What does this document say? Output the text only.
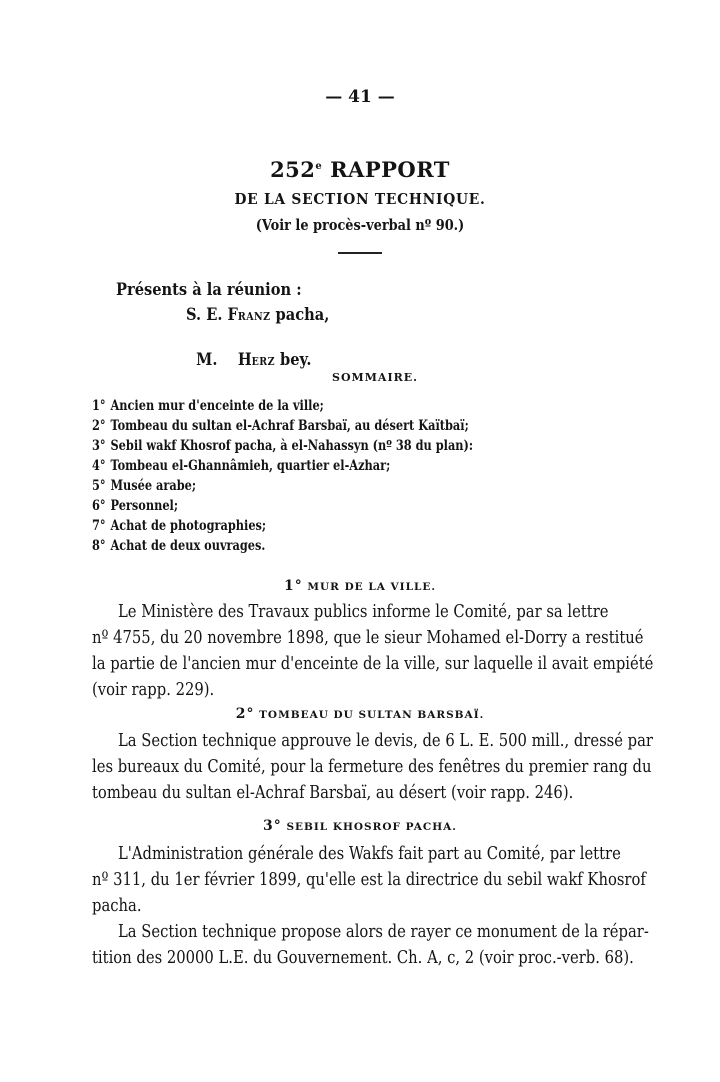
— 41 —
252e RAPPORT
DE LA SECTION TECHNIQUE.
(Voir le procès-verbal nº 90.)
Présents à la réunion :
S. E. FRANZ pacha,

M.    HERZ bey.

SOMMAIRE.
1° Ancien mur d'enceinte de la ville;
2° Tombeau du sultan el-Achraf Barsbaï, au désert Kaïtbaï;
3° Sebil wakf Khosrof pacha, à el-Nahassyn (nº 38 du plan):
4° Tombeau el-Ghannâmieh, quartier el-Azhar;
5° Musée arabe;
6° Personnel;
7° Achat de photographies;
8° Achat de deux ouvrages.
1° MUR DE LA VILLE.
Le Ministère des Travaux publics informe le Comité, par sa lettre
nº 4755, du 20 novembre 1898, que le sieur Mohamed el-Dorry a restitué
la partie de l'ancien mur d'enceinte de la ville, sur laquelle il avait empiété
(voir rapp. 229).
2° TOMBEAU DU SULTAN BARSBAÏ.
La Section technique approuve le devis, de 6 L. E. 500 mill., dressé par
les bureaux du Comité, pour la fermeture des fenêtres du premier rang du
tombeau du sultan el-Achraf Barsbaï, au désert (voir rapp. 246).
3° SEBIL KHOSROF PACHA.
L'Administration générale des Wakfs fait part au Comité, par lettre
nº 311, du 1er février 1899, qu'elle est la directrice du sebil wakf Khosrof
pacha.
La Section technique propose alors de rayer ce monument de la répar-
tition des 20000 L.E. du Gouvernement. Ch. A, c, 2 (voir proc.-verb. 68).
